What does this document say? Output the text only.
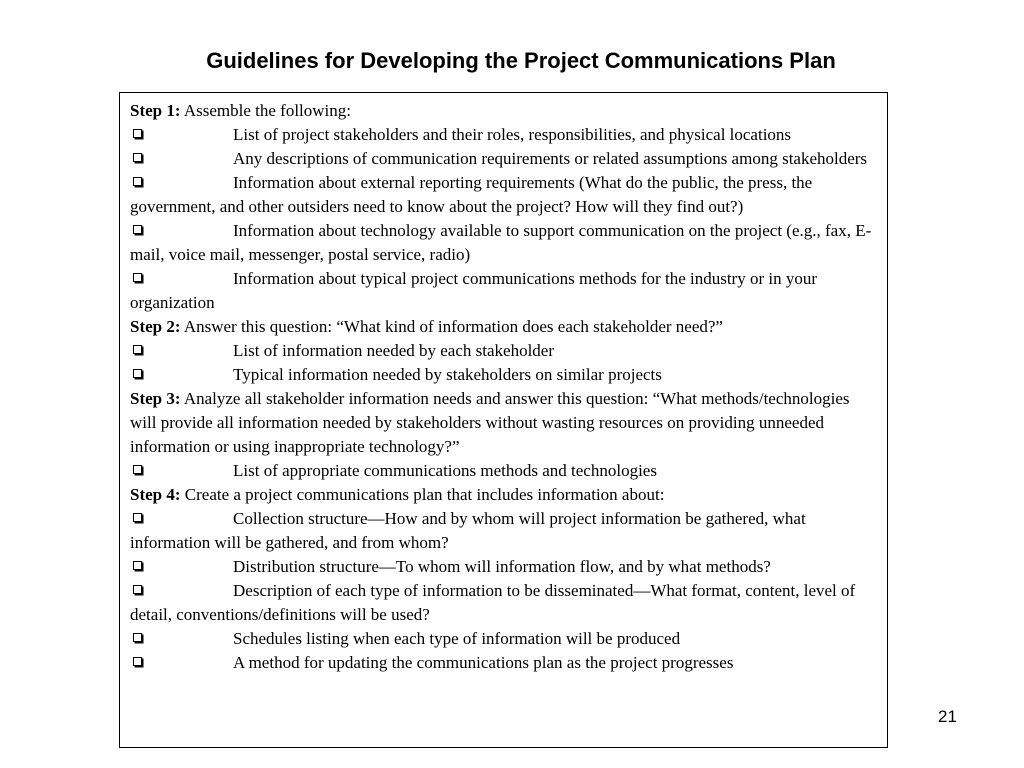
Guidelines for Developing the Project Communications Plan

Step 1: Assemble the following:

List of project stakeholders and their roles, responsibilities, and physical locations
Any descriptions of communication requirements or related assumptions among stakeholders
Information about external reporting requirements (What do the public, the press, the government, and other outsiders need to know about the project? How will they find out?)
Information about technology available to support communication on the project (e.g., fax, E-mail, voice mail, messenger, postal service, radio)
Information about typical project communications methods for the industry or in your organization

Step 2: Answer this question: “What kind of information does each stakeholder need?”

List of information needed by each stakeholder
Typical information needed by stakeholders on similar projects

Step 3: Analyze all stakeholder information needs and answer this question: “What methods/technologies will provide all information needed by stakeholders without wasting resources on providing unneeded information or using inappropriate technology?”

List of appropriate communications methods and technologies

Step 4: Create a project communications plan that includes information about:

Collection structure—How and by whom will project information be gathered, what information will be gathered, and from whom?
Distribution structure—To whom will information flow, and by what methods?
Description of each type of information to be disseminated—What format, content, level of detail, conventions/definitions will be used?
Schedules listing when each type of information will be produced
A method for updating the communications plan as the project progresses
21
